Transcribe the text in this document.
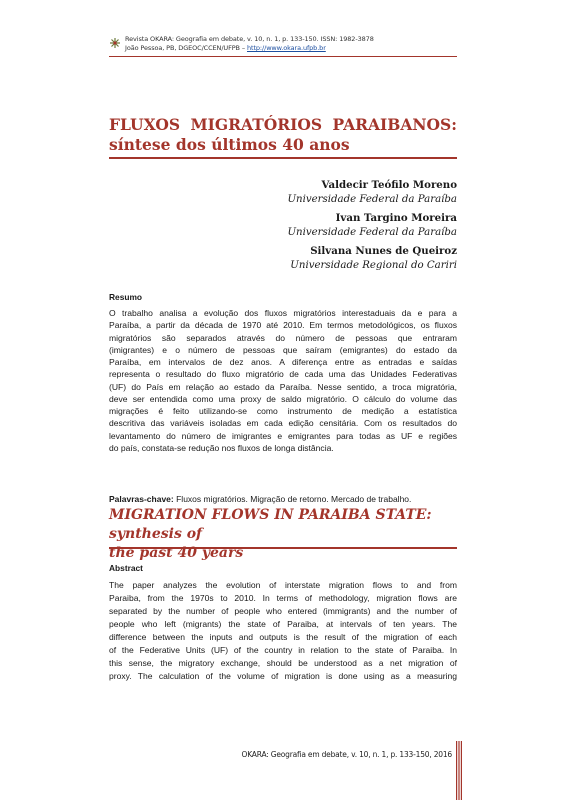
Revista OKARA: Geografia em debate, v. 10, n. 1, p. 133-150. ISSN: 1982-3878
João Pessoa, PB, DGEOC/CCEN/UFPB – http://www.okara.ufpb.br
FLUXOS MIGRATÓRIOS PARAIBANOS:
síntese dos últimos 40 anos
Valdecir Teófilo Moreno
Universidade Federal da Paraíba
Ivan Targino Moreira
Universidade Federal da Paraíba
Silvana Nunes de Queiroz
Universidade Regional do Cariri
Resumo
O trabalho analisa a evolução dos fluxos migratórios interestaduais da e para a
Paraíba, a partir da década de 1970 até 2010. Em termos metodológicos, os fluxos
migratórios são separados através do número de pessoas que entraram
(imigrantes) e o número de pessoas que saíram (emigrantes) do estado da
Paraíba, em intervalos de dez anos. A diferença entre as entradas e saídas
representa o resultado do fluxo migratório de cada uma das Unidades Federativas
(UF) do País em relação ao estado da Paraíba. Nesse sentido, a troca migratória,
deve ser entendida como uma proxy de saldo migratório. O cálculo do volume das
migrações é feito utilizando-se como instrumento de medição a estatística
descritiva das variáveis isoladas em cada edição censitária. Com os resultados do
levantamento do número de imigrantes e emigrantes para todas as UF e regiões
do país, constata-se redução nos fluxos de longa distância.
Palavras-chave: Fluxos migratórios. Migração de retorno. Mercado de trabalho.
MIGRATION FLOWS IN PARAIBA STATE: synthesis of
the past 40 years
Abstract
The paper analyzes the evolution of interstate migration flows to and from
Paraiba, from the 1970s to 2010. In terms of methodology, migration flows are
separated by the number of people who entered (immigrants) and the number of
people who left (migrants) the state of Paraiba, at intervals of ten years. The
difference between the inputs and outputs is the result of the migration of each
of the Federative Units (UF) of the country in relation to the state of Paraiba. In
this sense, the migratory exchange, should be understood as a net migration of
proxy. The calculation of the volume of migration is done using as a measuring
OKARA: Geografia em debate, v. 10, n. 1, p. 133-150, 2016
